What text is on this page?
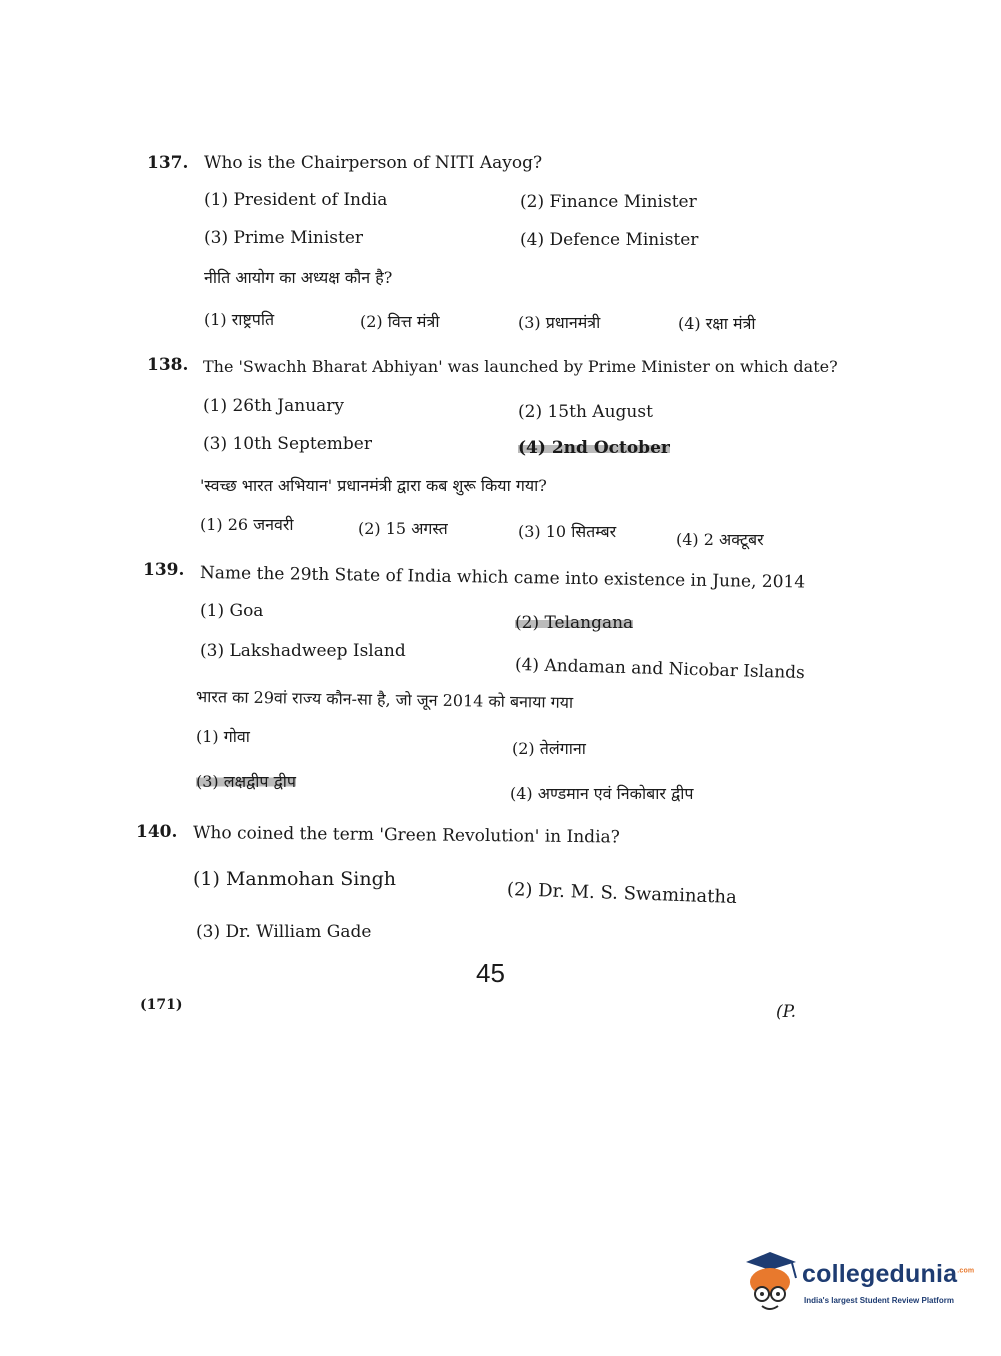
137. Who is the Chairperson of NITI Aayog?
(1) President of India	(2) Finance Minister
(3) Prime Minister	(4) Defence Minister
नीति आयोग का अध्यक्ष कौन है?
(1) राष्ट्रपति	(2) वित्त मंत्री	(3) प्रधानमंत्री	(4) रक्षा मंत्री
138. The 'Swachh Bharat Abhiyan' was launched by Prime Minister on which date?
(1) 26th January	(2) 15th August
(3) 10th September	(4) 2nd October
'स्वच्छ भारत अभियान' प्रधानमंत्री द्वारा कब शुरू किया गया?
(1) 26 जनवरी	(2) 15 अगस्त	(3) 10 सितम्बर	(4) 2 अक्टूबर
139. Name the 29th State of India which came into existence in June, 2014
(1) Goa
(2) Telangana
(3) Lakshadweep Island
(4) Andaman and Nicobar Islands
भारत का 29वां राज्य कौन-सा है, जो जून 2014 को बनाया गया
(1) गोवा
(2) तेलंगाना
(3) लक्षद्वीप द्वीप
(4) अण्डमान एवं निकोबार द्वीप
140. Who coined the term 'Green Revolution' in India?
(1) Manmohan Singh
(2) Dr. M. S. Swaminatha
(3) Dr. William Gade
45
(171)	(P.
collegedunia$^{.com}$
India's largest Student Review Platform
